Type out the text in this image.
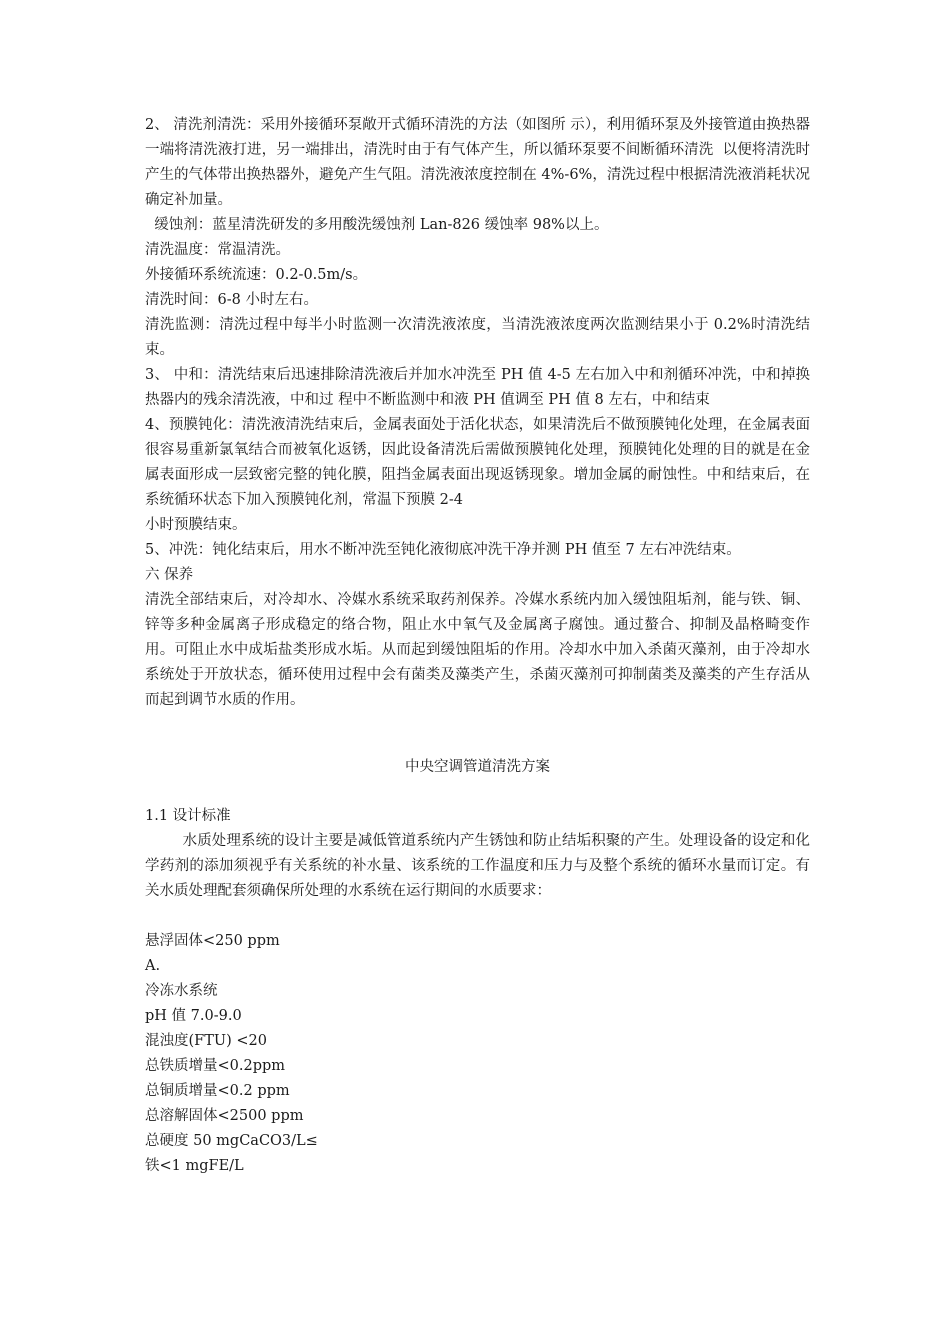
2、 清洗剂清洗：采用外接循环泵敞开式循环清洗的方法（如图所 示），利用循环泵及外接管道由换热器一端将清洗液打进，另一端排出，清洗时由于有气体产生，所以循环泵要不间断循环清洗  以便将清洗时产生的气体带出换热器外，避免产生气阻。清洗液浓度控制在 4%-6%，清洗过程中根据清洗液消耗状况确定补加量。

缓蚀剂：蓝星清洗研发的多用酸洗缓蚀剂 Lan-826 缓蚀率 98%以上。

清洗温度：常温清洗。

外接循环系统流速：0.2-0.5m/s。

清洗时间：6-8 小时左右。

清洗监测：清洗过程中每半小时监测一次清洗液浓度，当清洗液浓度两次监测结果小于 0.2%时清洗结束。

3、 中和：清洗结束后迅速排除清洗液后并加水冲洗至 PH 值 4-5 左右加入中和剂循环冲洗，中和掉换热器内的残余清洗液，中和过 程中不断监测中和液 PH 值调至 PH 值 8 左右，中和结束

4、预膜钝化：清洗液清洗结束后，金属表面处于活化状态，如果清洗后不做预膜钝化处理，在金属表面很容易重新氯氧结合而被氧化返锈，因此设备清洗后需做预膜钝化处理，预膜钝化处理的目的就是在金属表面形成一层致密完整的钝化膜，阻挡金属表面出现返锈现象。增加金属的耐蚀性。中和结束后，在系统循环状态下加入预膜钝化剂，常温下预膜 2-4

小时预膜结束。

5、冲洗：钝化结束后，用水不断冲洗至钝化液彻底冲洗干净并测 PH 值至 7 左右冲洗结束。

六 保养

清洗全部结束后，对冷却水、冷媒水系统采取药剂保养。冷媒水系统内加入缓蚀阻垢剂，能与铁、铜、锌等多种金属离子形成稳定的络合物，阻止水中氧气及金属离子腐蚀。通过螯合、抑制及晶格畸变作用。可阻止水中成垢盐类形成水垢。从而起到缓蚀阻垢的作用。冷却水中加入杀菌灭藻剂，由于冷却水系统处于开放状态，循环使用过程中会有菌类及藻类产生，杀菌灭藻剂可抑制菌类及藻类的产生存活从而起到调节水质的作用。

中央空调管道清洗方案

1.1 设计标准

水质处理系统的设计主要是减低管道系统内产生锈蚀和防止结垢积聚的产生。处理设备的设定和化学药剂的添加须视乎有关系统的补水量、该系统的工作温度和压力与及整个系统的循环水量而订定。有关水质处理配套须确保所处理的水系统在运行期间的水质要求：

悬浮固体<250 ppm

A.

冷冻水系统

pH 值 7.0-9.0

混浊度(FTU) <20

总铁质增量<0.2ppm

总铜质增量<0.2 ppm

总溶解固体<2500 ppm

总硬度 50 mgCaCO3/L≤

铁<1 mgFE/L
